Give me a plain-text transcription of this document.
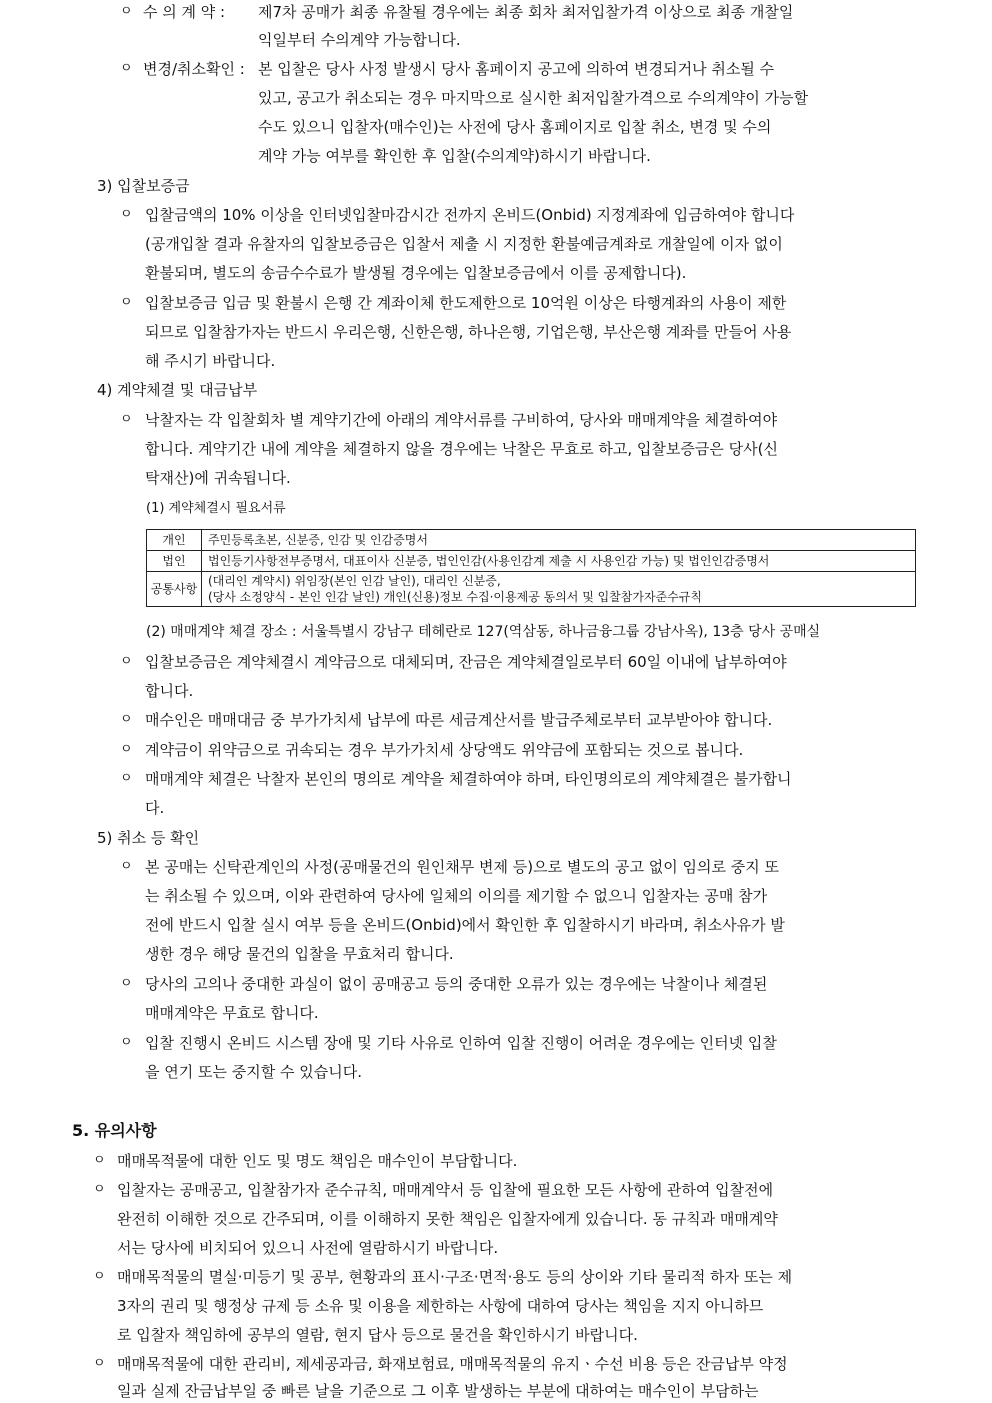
ㅇ 수 의 계 약 : 제7차 공매가 최종 유찰될 경우에는 최종 회차 최저입찰가격 이상으로 최종 개찰일
익일부터 수의계약 가능합니다.
ㅇ 변경/취소확인 : 본 입찰은 당사 사정 발생시 당사 홈페이지 공고에 의하여 변경되거나 취소될 수
있고, 공고가 취소되는 경우 마지막으로 실시한 최저입찰가격으로 수의계약이 가능할
수도 있으니 입찰자(매수인)는 사전에 당사 홈페이지로 입찰 취소, 변경 및 수의
계약 가능 여부를 확인한 후 입찰(수의계약)하시기 바랍니다.
3) 입찰보증금
ㅇ 입찰금액의 10% 이상을 인터넷입찰마감시간 전까지 온비드(Onbid) 지정계좌에 입금하여야 합니다
(공개입찰 결과 유찰자의 입찰보증금은 입찰서 제출 시 지정한 환불예금계좌로 개찰일에 이자 없이
환불되며, 별도의 송금수수료가 발생될 경우에는 입찰보증금에서 이를 공제합니다).
ㅇ 입찰보증금 입금 및 환불시 은행 간 계좌이체 한도제한으로 10억원 이상은 타행계좌의 사용이 제한
되므로 입찰참가자는 반드시 우리은행, 신한은행, 하나은행, 기업은행, 부산은행 계좌를 만들어 사용
해 주시기 바랍니다.
4) 계약체결 및 대금납부
ㅇ 낙찰자는 각 입찰회차 별 계약기간에 아래의 계약서류를 구비하여, 당사와 매매계약을 체결하여야
합니다. 계약기간 내에 계약을 체결하지 않을 경우에는 낙찰은 무효로 하고, 입찰보증금은 당사(신
탁재산)에 귀속됩니다.
(1) 계약체결시 필요서류
개인	주민등록초본, 신분증, 인감 및 인감증명서
법인	법인등기사항전부증명서, 대표이사 신분증, 법인인감(사용인감계 제출 시 사용인감 가능) 및 법인인감증명서
공통사항	(대리인 계약시) 위임장(본인 인감 날인), 대리인 신분증,
(당사 소정양식 - 본인 인감 날인) 개인(신용)정보 수집·이용제공 동의서 및 입찰참가자준수규칙
(2) 매매계약 체결 장소 : 서울특별시 강남구 테헤란로 127(역삼동, 하나금융그룹 강남사옥), 13층 당사 공매실
ㅇ 입찰보증금은 계약체결시 계약금으로 대체되며, 잔금은 계약체결일로부터 60일 이내에 납부하여야
합니다.
ㅇ 매수인은 매매대금 중 부가가치세 납부에 따른 세금계산서를 발급주체로부터 교부받아야 합니다.
ㅇ 계약금이 위약금으로 귀속되는 경우 부가가치세 상당액도 위약금에 포함되는 것으로 봅니다.
ㅇ 매매계약 체결은 낙찰자 본인의 명의로 계약을 체결하여야 하며, 타인명의로의 계약체결은 불가합니
다.
5) 취소 등 확인
ㅇ 본 공매는 신탁관계인의 사정(공매물건의 원인채무 변제 등)으로 별도의 공고 없이 임의로 중지 또
는 취소될 수 있으며, 이와 관련하여 당사에 일체의 이의를 제기할 수 없으니 입찰자는 공매 참가
전에 반드시 입찰 실시 여부 등을 온비드(Onbid)에서 확인한 후 입찰하시기 바라며, 취소사유가 발
생한 경우 해당 물건의 입찰을 무효처리 합니다.
ㅇ 당사의 고의나 중대한 과실이 없이 공매공고 등의 중대한 오류가 있는 경우에는 낙찰이나 체결된
매매계약은 무효로 합니다.
ㅇ 입찰 진행시 온비드 시스템 장애 및 기타 사유로 인하여 입찰 진행이 어려운 경우에는 인터넷 입찰
을 연기 또는 중지할 수 있습니다.
5. 유의사항
ㅇ 매매목적물에 대한 인도 및 명도 책임은 매수인이 부담합니다.
ㅇ 입찰자는 공매공고, 입찰참가자 준수규칙, 매매계약서 등 입찰에 필요한 모든 사항에 관하여 입찰전에
완전히 이해한 것으로 간주되며, 이를 이해하지 못한 책임은 입찰자에게 있습니다. 동 규칙과 매매계약
서는 당사에 비치되어 있으니 사전에 열람하시기 바랍니다.
ㅇ 매매목적물의 멸실·미등기 및 공부, 현황과의 표시·구조·면적·용도 등의 상이와 기타 물리적 하자 또는 제
3자의 권리 및 행정상 규제 등 소유 및 이용을 제한하는 사항에 대하여 당사는 책임을 지지 아니하므
로 입찰자 책임하에 공부의 열람, 현지 답사 등으로 물건을 확인하시기 바랍니다.
ㅇ 매매목적물에 대한 관리비, 제세공과금, 화재보험료, 매매목적물의 유지ㆍ수선 비용 등은 잔금납부 약정
일과 실제 잔금납부일 중 빠른 날을 기준으로 그 이후 발생하는 부분에 대하여는 매수인이 부담하는
